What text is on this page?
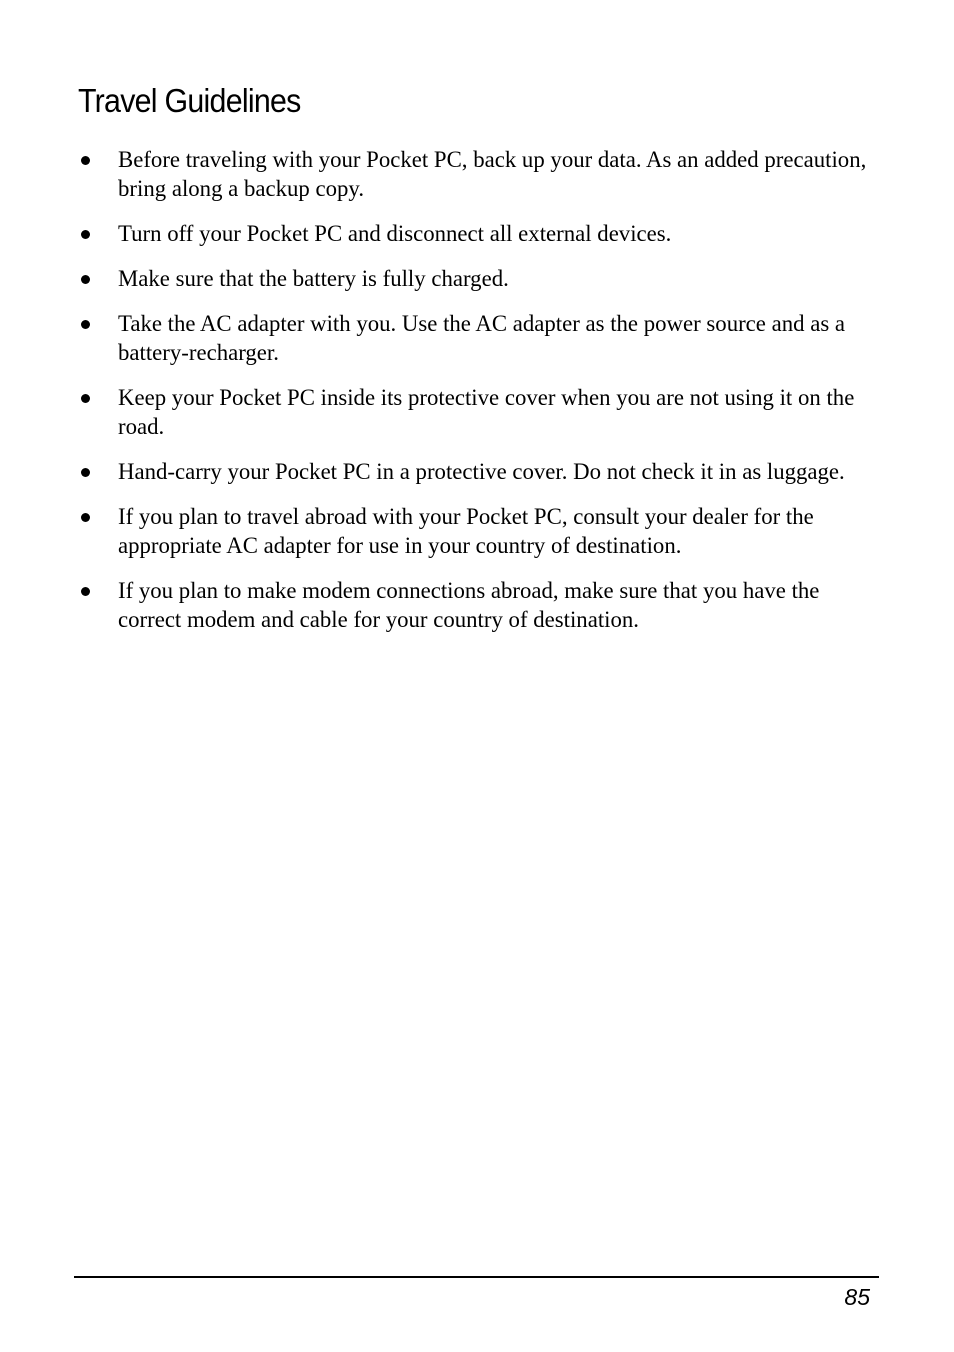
Travel Guidelines
Before traveling with your Pocket PC, back up your data. As an added precaution, bring along a backup copy.
Turn off your Pocket PC and disconnect all external devices.
Make sure that the battery is fully charged.
Take the AC adapter with you. Use the AC adapter as the power source and as a battery-recharger.
Keep your Pocket PC inside its protective cover when you are not using it on the road.
Hand-carry your Pocket PC in a protective cover. Do not check it in as luggage.
If you plan to travel abroad with your Pocket PC, consult your dealer for the appropriate AC adapter for use in your country of destination.
If you plan to make modem connections abroad, make sure that you have the correct modem and cable for your country of destination.
85
